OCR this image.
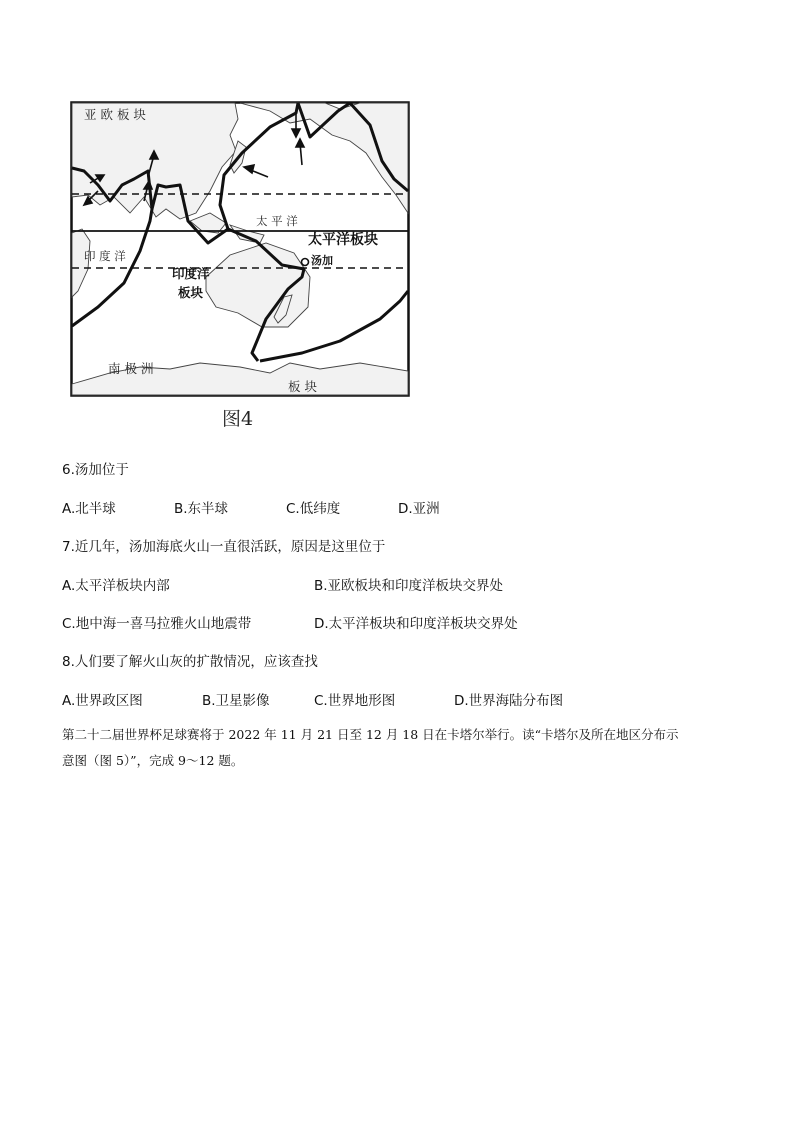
亚 欧 板 块
太 平 洋
印 度 洋
太平洋板块
汤加
印度洋
板块
南 极 洲
板 块
图4
6.汤加位于
A.北半球	B.东半球	C.低纬度	D.亚洲
7.近几年，汤加海底火山一直很活跃，原因是这里位于
A.太平洋板块内部	B.亚欧板块和印度洋板块交界处
C.地中海一喜马拉雅火山地震带	D.太平洋板块和印度洋板块交界处
8.人们要了解火山灰的扩散情况，应该查找
A.世界政区图	B.卫星影像	C.世界地形图	D.世界海陆分布图
第二十二届世界杯足球赛将于 2022 年 11 月 21 日至 12 月 18 日在卡塔尔举行。读“卡塔尔及所在地区分布示
意图（图 5）”，完成 9～12 题。
